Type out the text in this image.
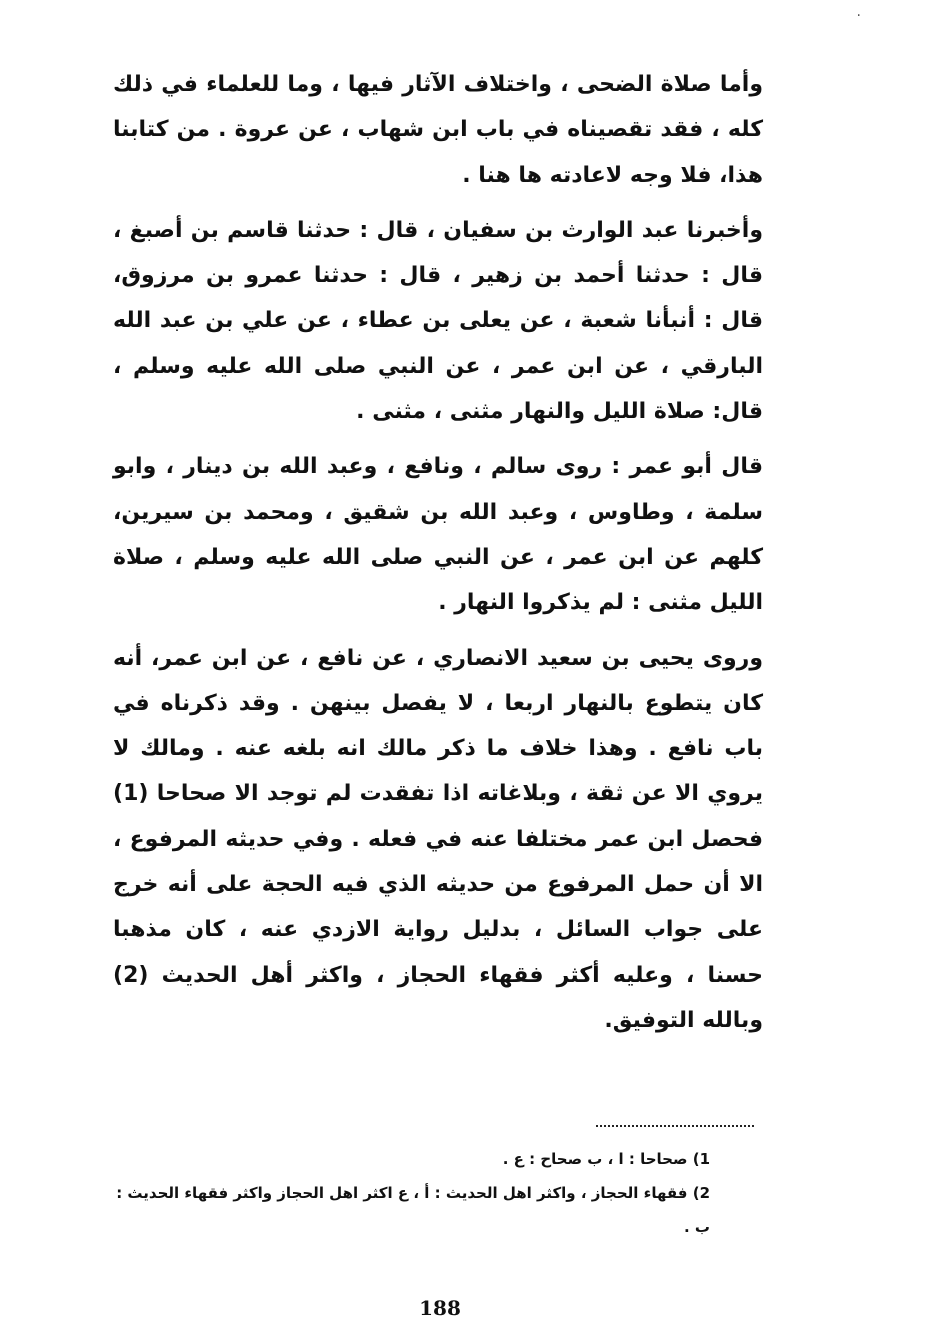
·

وأما صلاة الضحى ، واختلاف الآثار فيها ، وما للعلماء في ذلك كله ، فقد تقصيناه في باب ابن شهاب ، عن عروة . من كتابنا هذا، فلا وجه لاعادته ها هنا .

وأخبرنا عبد الوارث بن سفيان ، قال : حدثنا قاسم بن أصبغ ، قال : حدثنا أحمد بن زهير ، قال : حدثنا عمرو بن مرزوق، قال : أنبأنا شعبة ، عن يعلى بن عطاء ، عن علي بن عبد الله البارقي ، عن ابن عمر ، عن النبي صلى الله عليه وسلم ، قال: صلاة الليل والنهار مثنى ، مثنى .

قال أبو عمر : روى سالم ، ونافع ، وعبد الله بن دينار ، وابو سلمة ، وطاوس ، وعبد الله بن شقيق ، ومحمد بن سيرين، كلهم عن ابن عمر ، عن النبي صلى الله عليه وسلم ، صلاة الليل مثنى : لم يذكروا النهار .

وروى يحيى بن سعيد الانصاري ، عن نافع ، عن ابن عمر، أنه كان يتطوع بالنهار اربعا ، لا يفصل بينهن . وقد ذكرناه في باب نافع . وهذا خلاف ما ذكر مالك انه بلغه عنه . ومالك لا يروي الا عن ثقة ، وبلاغاته اذا تفقدت لم توجد الا صحاحا (1) فحصل ابن عمر مختلفا عنه في فعله . وفي حديثه المرفوع ، الا أن حمل المرفوع من حديثه الذي فيه الحجة على أنه خرج على جواب السائل ، بدليل رواية الازدي عنه ، كان مذهبا حسنا ، وعليه أكثر فقهاء الحجاز ، واكثر أهل الحديث (2) وبالله التوفيق.

1) صحاحا : ا ، ب صحاح : ع .

2) فقهاء الحجاز ، واكثر اهل الحديث : أ ، ع اكثر اهل الحجاز واكثر فقهاء الحديث : ب .

188
